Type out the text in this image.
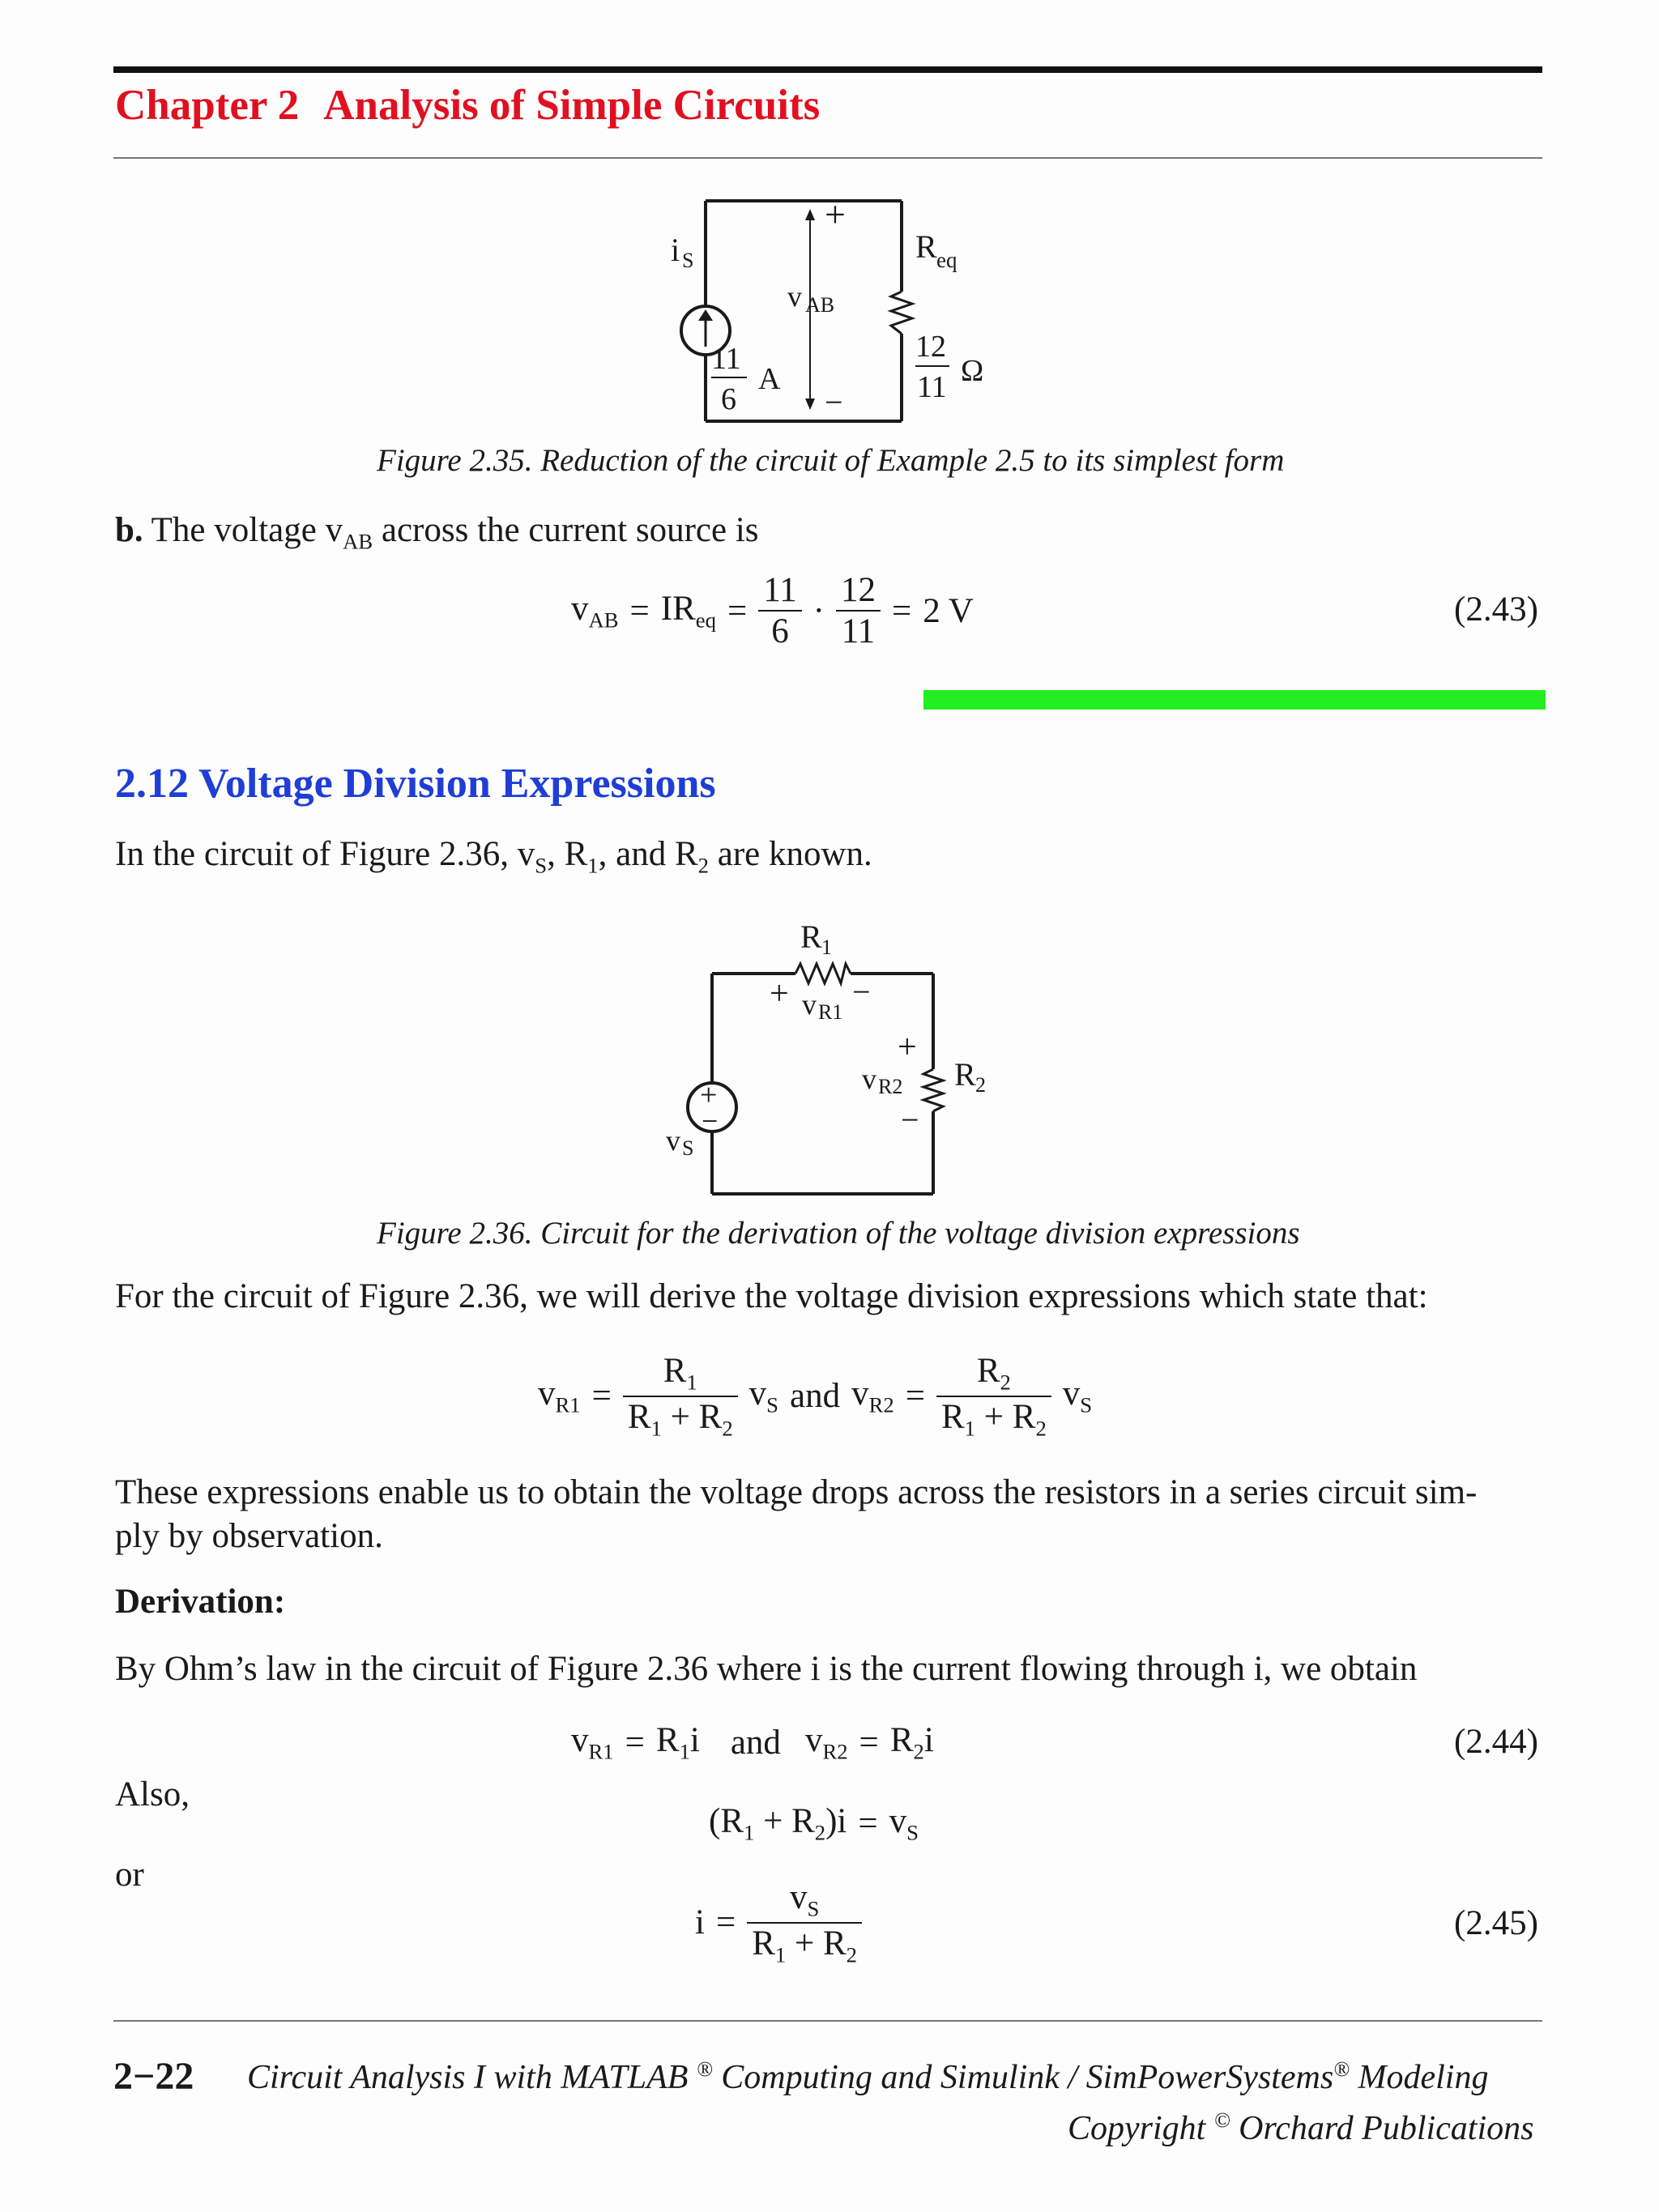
Chapter 2 Analysis of Simple Circuits
+
−
v AB
i S	R eq
11
6
A
12
11 Ω
Figure 2.35. Reduction of the circuit of Example 2.5 to its simplest form
b. The voltage $v_{AB}$ across the current source is
$v_{AB} = IR_{eq} = \frac{11}{6} \cdot \frac{12}{11} = 2$ V	(2.43)
2.12 Voltage Division Expressions
In the circuit of Figure 2.36, $v_S$, $R_1$, and $R_2$ are known.
+
−
R 1
+ v R1
−
+
v R2
−
R 2
v S
Figure 2.36. Circuit for the derivation of the voltage division expressions
For the circuit of Figure 2.36, we will derive the voltage division expressions which state that:
$v_{R1} = \frac{R_1}{R_1 + R_2} v_S$ and $v_{R2} = \frac{R_2}{R_1 + R_2} v_S$
These expressions enable us to obtain the voltage drops across the resistors in a series circuit sim-
ply by observation.
Derivation:
By Ohm’s law in the circuit of Figure 2.36 where i is the current flowing through i, we obtain
$v_{R1} = R_1i$ and $v_{R2} = R_2i$	(2.44)
Also,
$(R_1 + R_2)i = v_S$
or
$i = \frac{v_S}{R_1 + R_2}$	(2.45)
2−22 Circuit Analysis I with MATLAB ® Computing and Simulink / SimPowerSystems® Modeling
Copyright © Orchard Publications
